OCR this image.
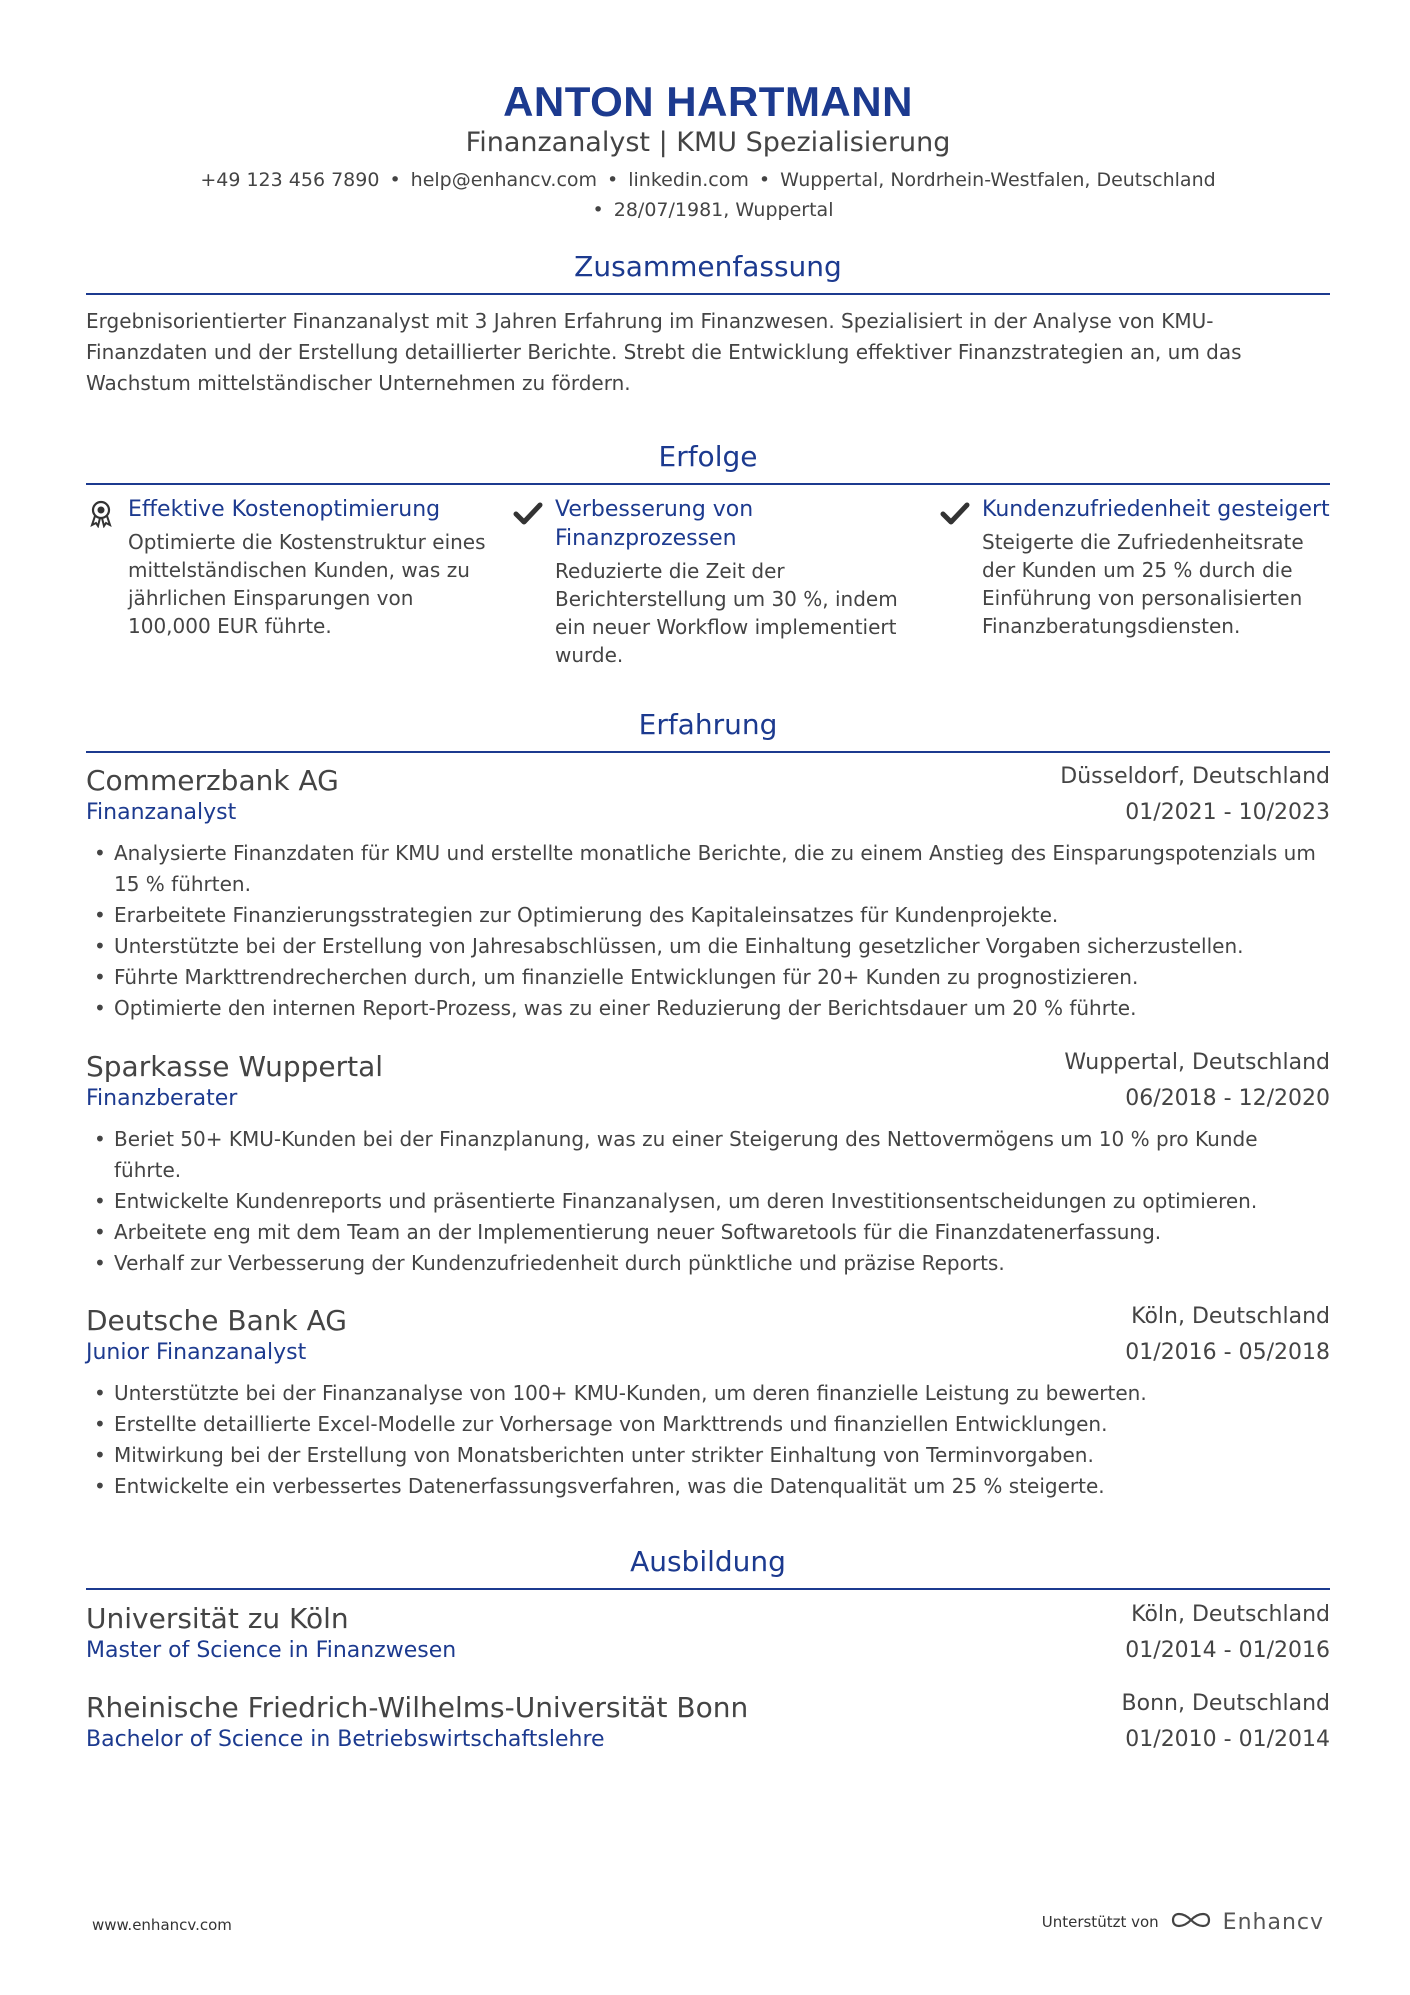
ANTON HARTMANN
Finanzanalyst | KMU Spezialisierung
+49 123 456 7890 • help@enhancv.com • linkedin.com • Wuppertal, Nordrhein-Westfalen, Deutschland
• 28/07/1981, Wuppertal
Zusammenfassung
Ergebnisorientierter Finanzanalyst mit 3 Jahren Erfahrung im Finanzwesen. Spezialisiert in der Analyse von KMU-Finanzdaten und der Erstellung detaillierter Berichte. Strebt die Entwicklung effektiver Finanzstrategien an, um das Wachstum mittelständischer Unternehmen zu fördern.
Erfolge
Effektive Kostenoptimierung
Optimierte die Kostenstruktur eines mittelständischen Kunden, was zu jährlichen Einsparungen von 100,000 EUR führte.
Verbesserung von Finanzprozessen
Reduzierte die Zeit der Berichterstellung um 30 %, indem ein neuer Workflow implementiert wurde.
Kundenzufriedenheit gesteigert
Steigerte die Zufriedenheitsrate der Kunden um 25 % durch die Einführung von personalisierten Finanzberatungsdiensten.
Erfahrung
Commerzbank AG	Düsseldorf, Deutschland
Finanzanalyst	01/2021 - 10/2023
• Analysierte Finanzdaten für KMU und erstellte monatliche Berichte, die zu einem Anstieg des Einsparungspotenzials um 15 % führten.
• Erarbeitete Finanzierungsstrategien zur Optimierung des Kapitaleinsatzes für Kundenprojekte.
• Unterstützte bei der Erstellung von Jahresabschlüssen, um die Einhaltung gesetzlicher Vorgaben sicherzustellen.
• Führte Markttrendrecherchen durch, um finanzielle Entwicklungen für 20+ Kunden zu prognostizieren.
• Optimierte den internen Report-Prozess, was zu einer Reduzierung der Berichtsdauer um 20 % führte.
Sparkasse Wuppertal	Wuppertal, Deutschland
Finanzberater	06/2018 - 12/2020
• Beriet 50+ KMU-Kunden bei der Finanzplanung, was zu einer Steigerung des Nettovermögens um 10 % pro Kunde führte.
• Entwickelte Kundenreports und präsentierte Finanzanalysen, um deren Investitionsentscheidungen zu optimieren.
• Arbeitete eng mit dem Team an der Implementierung neuer Softwaretools für die Finanzdatenerfassung.
• Verhalf zur Verbesserung der Kundenzufriedenheit durch pünktliche und präzise Reports.
Deutsche Bank AG	Köln, Deutschland
Junior Finanzanalyst	01/2016 - 05/2018
• Unterstützte bei der Finanzanalyse von 100+ KMU-Kunden, um deren finanzielle Leistung zu bewerten.
• Erstellte detaillierte Excel-Modelle zur Vorhersage von Markttrends und finanziellen Entwicklungen.
• Mitwirkung bei der Erstellung von Monatsberichten unter strikter Einhaltung von Terminvorgaben.
• Entwickelte ein verbessertes Datenerfassungsverfahren, was die Datenqualität um 25 % steigerte.
Ausbildung
Universität zu Köln	Köln, Deutschland
Master of Science in Finanzwesen	01/2014 - 01/2016
Rheinische Friedrich-Wilhelms-Universität Bonn	Bonn, Deutschland
Bachelor of Science in Betriebswirtschaftslehre	01/2010 - 01/2014
www.enhancv.com	Unterstützt von	Enhancv
